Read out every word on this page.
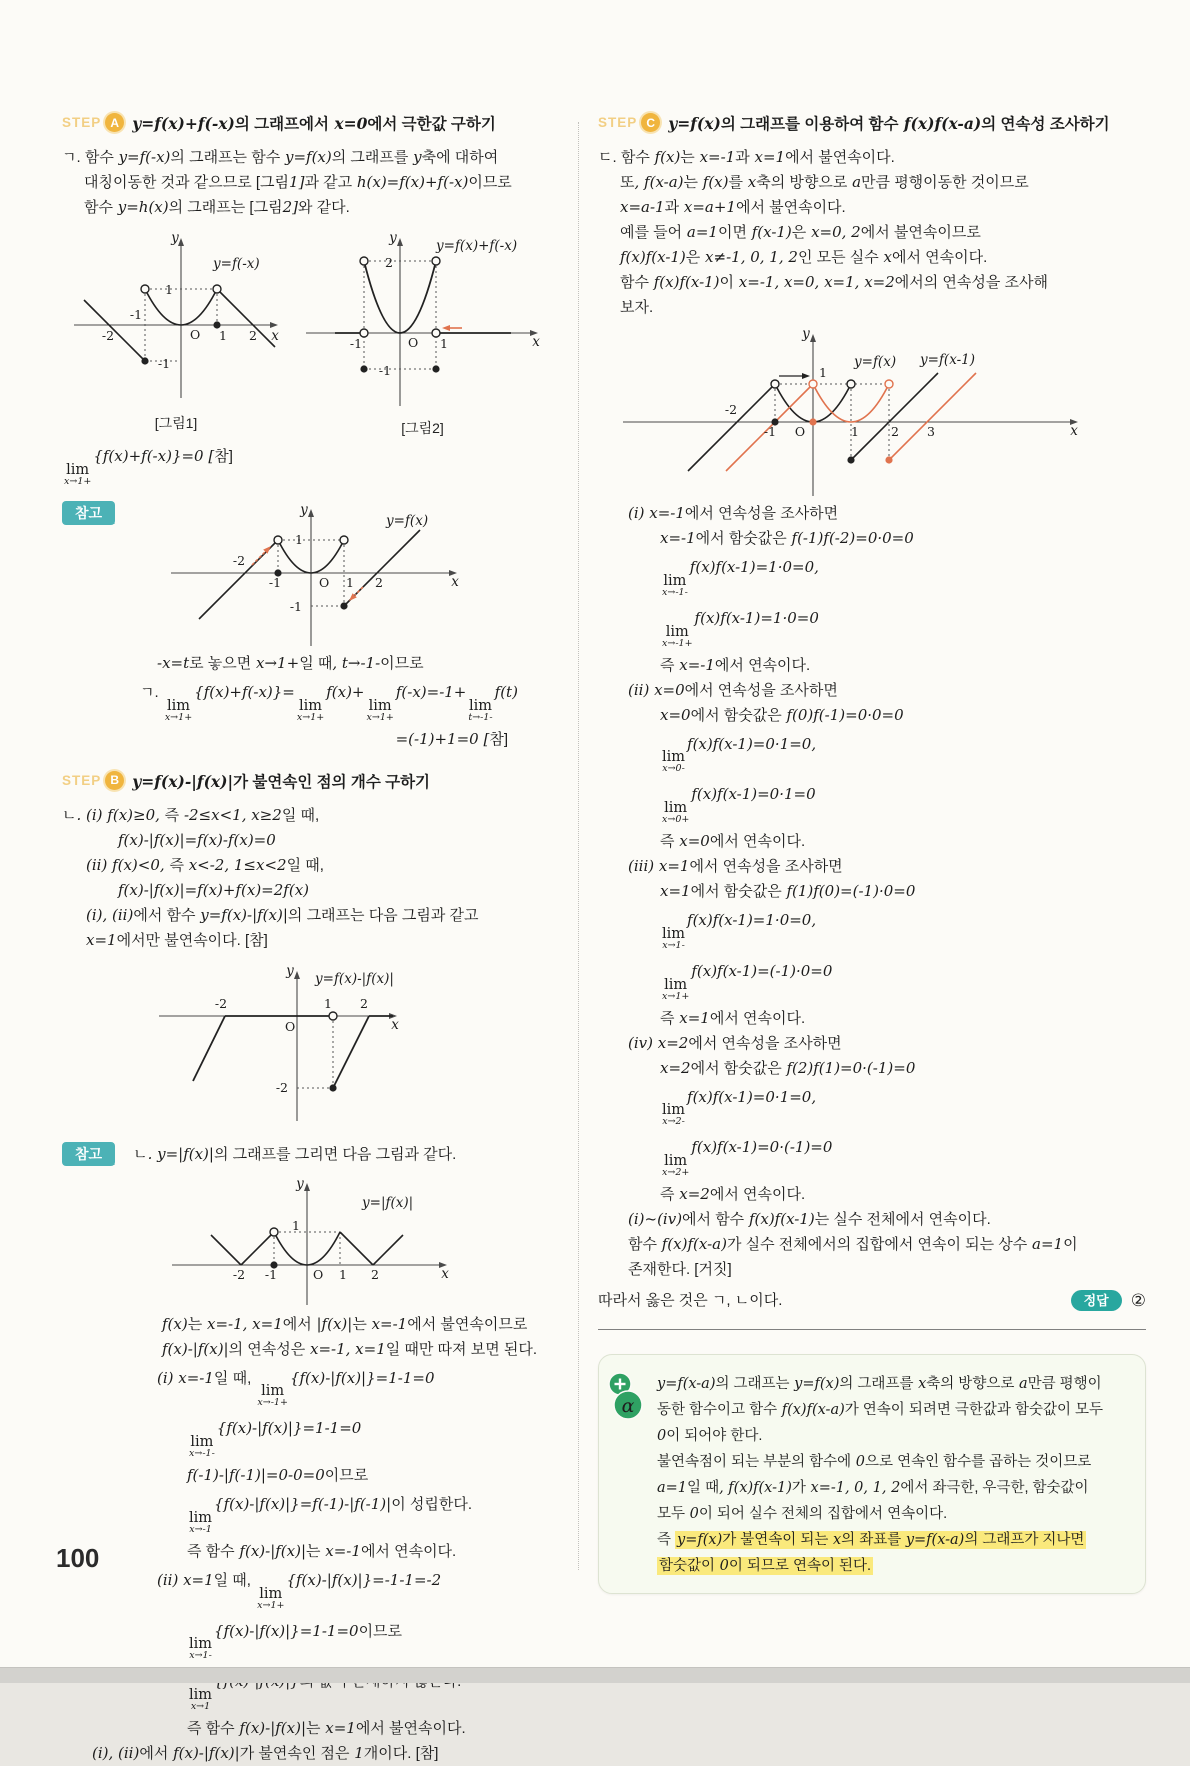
STEP A y=f(x)+f(-x)의 그래프에서 x=0에서 극한값 구하기
ㄱ. 함수 y=f(-x)의 그래프는 함수 y=f(x)의 그래프를 y축에 대하여
대칭이동한 것과 같으므로 [그림1]과 같고 h(x)=f(x)+f(-x)이므로
함수 y=h(x)의 그래프는 [그림2]와 같다.
y
x
O
1
-1
-2	1 2
-1
y=f(-x)
[그림1]
y
x
2
O
-1	1
-1
y=f(x)+f(-x)
[그림2]
lim
x→1+
{f(x)+f(-x)}=0 [참]
참고	y
x
-2
-1	O 1 2
1
-1
y=f(x)
-x=t로 놓으면 x→1+일 때, t→-1-이므로
ㄱ.
lim
x→1+
{f(x)+f(-x)}=
lim
x→1+
f(x)+
lim
x→1+
f(-x)=-1+
lim
t→-1-
f(t)
=(-1)+1=0 [참]
STEP B y=f(x)-|f(x)|가 불연속인 점의 개수 구하기
ㄴ. (i) f(x)≥0, 즉 -2≤x<1, x≥2일 때,
f(x)-|f(x)|=f(x)-f(x)=0
(ii) f(x)<0, 즉 x<-2, 1≤x<2일 때,
f(x)-|f(x)|=f(x)+f(x)=2f(x)
(i), (ii)에서 함수 y=f(x)-|f(x)|의 그래프는 다음 그림과 같고
x=1에서만 불연속이다. [참]
y
x
-2
O
1 2
-2
y=f(x)-|f(x)|
참고	ㄴ. y=|f(x)|의 그래프를 그리면 다음 그림과 같다.
y
x
-2 -1	O 1 2
1
y=|f(x)|
f(x)는 x=-1, x=1에서 |f(x)|는 x=-1에서 불연속이므로
f(x)-|f(x)|의 연속성은 x=-1, x=1일 때만 따져 보면 된다.
(i) x=-1일 때,
lim
x→-1+
{f(x)-|f(x)|}=1-1=0
lim
x→-1-
{f(x)-|f(x)|}=1-1=0
f(-1)-|f(-1)|=0-0=0이므로
lim
x→-1
{f(x)-|f(x)|}=f(-1)-|f(-1)|이 성립한다.
즉 함수 f(x)-|f(x)|는 x=-1에서 연속이다.
(ii) x=1일 때,
lim
x→1+
{f(x)-|f(x)|}=-1-1=-2
lim
x→1-
{f(x)-|f(x)|}=1-1=0이므로
lim
x→1
즉 함수 f(x)-|f(x)|는 x=1에서 불연속이다.
(i), (ii)에서 f(x)-|f(x)|가 불연속인 점은 1개이다. [참]
STEP C y=f(x)의 그래프를 이용하여 함수 f(x)f(x-a)의 연속성 조사하기
ㄷ. 함수 f(x)는 x=-1과 x=1에서 불연속이다.
또, f(x-a)는 f(x)를 x축의 방향으로 a만큼 평행이동한 것이므로
x=a-1과 x=a+1에서 불연속이다.
예를 들어 a=1이면 f(x-1)은 x=0, 2에서 불연속이므로
f(x)f(x-1)은 x≠-1, 0, 1, 2인 모든 실수 x에서 연속이다.
함수 f(x)f(x-1)이 x=-1, x=0, x=1, x=2에서의 연속성을 조사해
보자.
y
x
-2
-1 O	1	2 3
1
y=f(x) y=f(x-1)
(i) x=-1에서 연속성을 조사하면
x=-1에서 함숫값은 f(-1)f(-2)=0·0=0
lim
x→-1-
f(x)f(x-1)=1·0=0,
lim
x→-1+
f(x)f(x-1)=1·0=0
즉 x=-1에서 연속이다.
(ii) x=0에서 연속성을 조사하면
x=0에서 함숫값은 f(0)f(-1)=0·0=0
lim
x→0-
f(x)f(x-1)=0·1=0,
lim
x→0+
f(x)f(x-1)=0·1=0
즉 x=0에서 연속이다.
(iii) x=1에서 연속성을 조사하면
x=1에서 함숫값은 f(1)f(0)=(-1)·0=0
lim
x→1-
f(x)f(x-1)=1·0=0,
lim
x→1+
f(x)f(x-1)=(-1)·0=0
즉 x=1에서 연속이다.
(iv) x=2에서 연속성을 조사하면
x=2에서 함숫값은 f(2)f(1)=0·(-1)=0
lim
x→2-
f(x)f(x-1)=0·1=0,
lim
x→2+
f(x)f(x-1)=0·(-1)=0
즉 x=2에서 연속이다.
(i)~(iv)에서 함수 f(x)f(x-1)는 실수 전체에서 연속이다.
함수 f(x)f(x-a)가 실수 전체에서의 집합에서 연속이 되는 상수 a=1이
존재한다. [거짓]
따라서 옳은 것은 ㄱ, ㄴ이다.	정답	②
α
y=f(x-a)의 그래프는 y=f(x)의 그래프를 x축의 방향으로 a만큼 평행이
동한 함수이고 함수 f(x)f(x-a)가 연속이 되려면 극한값과 함숫값이 모두
0이 되어야 한다.
불연속점이 되는 부분의 함수에 0으로 연속인 함수를 곱하는 것이므로
a=1일 때, f(x)f(x-1)가 x=-1, 0, 1, 2에서 좌극한, 우극한, 함숫값이
모두 0이 되어 실수 전체의 집합에서 연속이다.
즉 y=f(x)가 불연속이 되는 x의 좌표를 y=f(x-a)의 그래프가 지나면
함숫값이 0이 되므로 연속이 된다.
100
